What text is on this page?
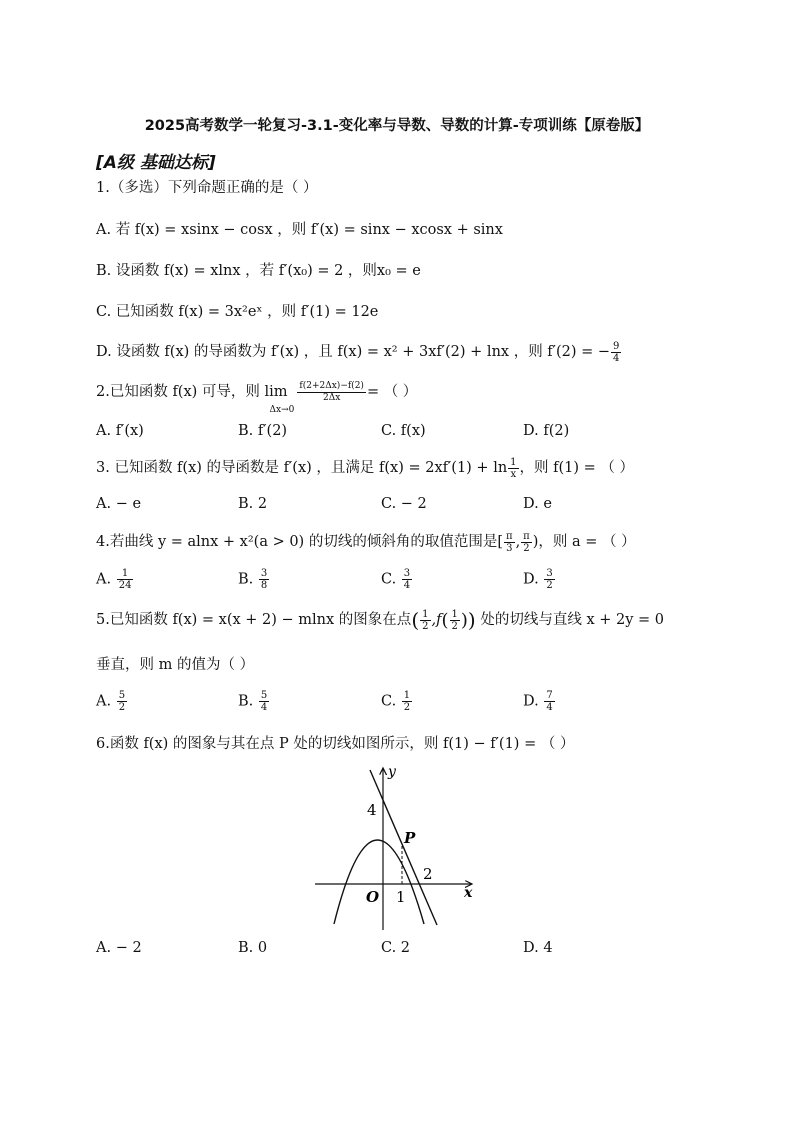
2025高考数学一轮复习-3.1-变化率与导数、导数的计算-专项训练【原卷版】
[A级 基础达标]
1.（多选）下列命题正确的是（ ）
A. 若 f(x) = xsinx − cosx ，则 f′(x) = sinx − xcosx + sinx
B. 设函数 f(x) = xlnx ，若 f′(x₀) = 2 ，则x₀ = e
C. 已知函数 f(x) = 3x²eˣ ，则 f′(1) = 12e
D. 设函数 f(x) 的导函数为 f′(x) ，且 f(x) = x² + 3xf′(2) + lnx ，则 f′(2) = − $\frac{9}{4}$
2.已知函数 f(x) 可导，则 limΔx→0
$\frac{f(2+2\Delta x)-f(2)}{2\Delta x}$ = （ ）
A. f′(x)	B. f′(2)	C. f(x)	D. f(2)
3. 已知函数 f(x) 的导函数是 f′(x) ，且满足 $f(x) = 2xf'(1) + \ln \frac{1}{x}$ ，则 f(1) = （ ）
A. − e	B. 2	C. − 2	D. e
4.若曲线 y = alnx + x²(a > 0) 的切线的倾斜角的取值范围是[ $\frac{\pi}{3}$ , $\frac{\pi}{2}$ )，则 a = （ ）
A. $\frac{1}{24}$	B. $\frac{3}{8}$	C. $\frac{3}{4}$	D. $\frac{3}{2}$
5.已知函数 f(x) = x(x + 2) − mlnx 的图象在点( $\frac{1}{2} ,f( \frac{1}{2}$ )) 处的切线与直线 x + 2y = 0
垂直，则 m 的值为（ ）
A. $\frac{5}{2}$	B. $\frac{5}{4}$	C. $\frac{1}{2}$	D. $\frac{7}{4}$
6.函数 f(x) 的图象与其在点 P 处的切线如图所示，则 f(1) − f′(1) = （ ）
y
x
4
P
2
O 1
A. − 2	B. 0	C. 2	D. 4
